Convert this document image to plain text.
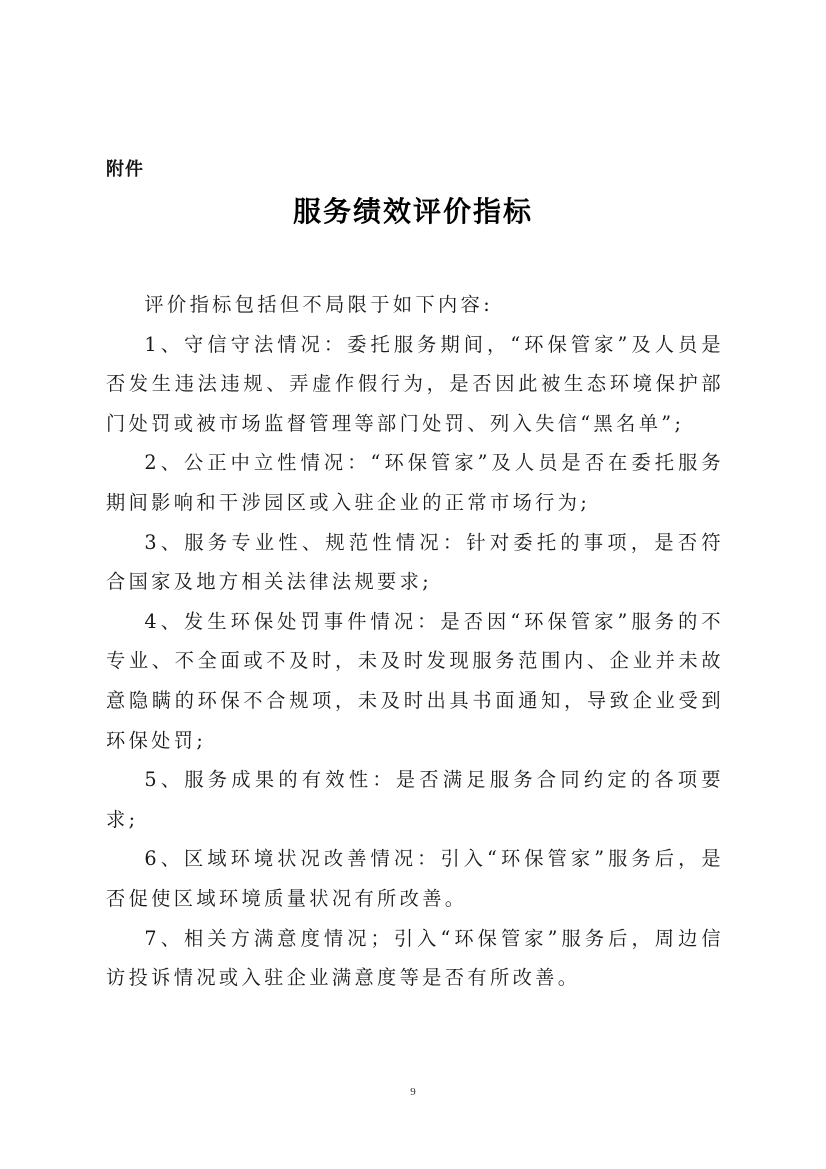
附件
服务绩效评价指标

评价指标包括但不局限于如下内容:

1、守信守法情况：委托服务期间，“环保管家”及人员是否发生违法违规、弄虚作假行为，是否因此被生态环境保护部门处罚或被市场监督管理等部门处罚、列入失信“黑名单”;

2、公正中立性情况：“环保管家”及人员是否在委托服务期间影响和干涉园区或入驻企业的正常市场行为;

3、服务专业性、规范性情况：针对委托的事项，是否符合国家及地方相关法律法规要求;

4、发生环保处罚事件情况：是否因“环保管家”服务的不专业、不全面或不及时，未及时发现服务范围内、企业并未故意隐瞒的环保不合规项，未及时出具书面通知，导致企业受到环保处罚;

5、服务成果的有效性：是否满足服务合同约定的各项要求;

6、区域环境状况改善情况：引入“环保管家”服务后，是否促使区域环境质量状况有所改善。

7、相关方满意度情况；引入“环保管家”服务后，周边信访投诉情况或入驻企业满意度等是否有所改善。

9
